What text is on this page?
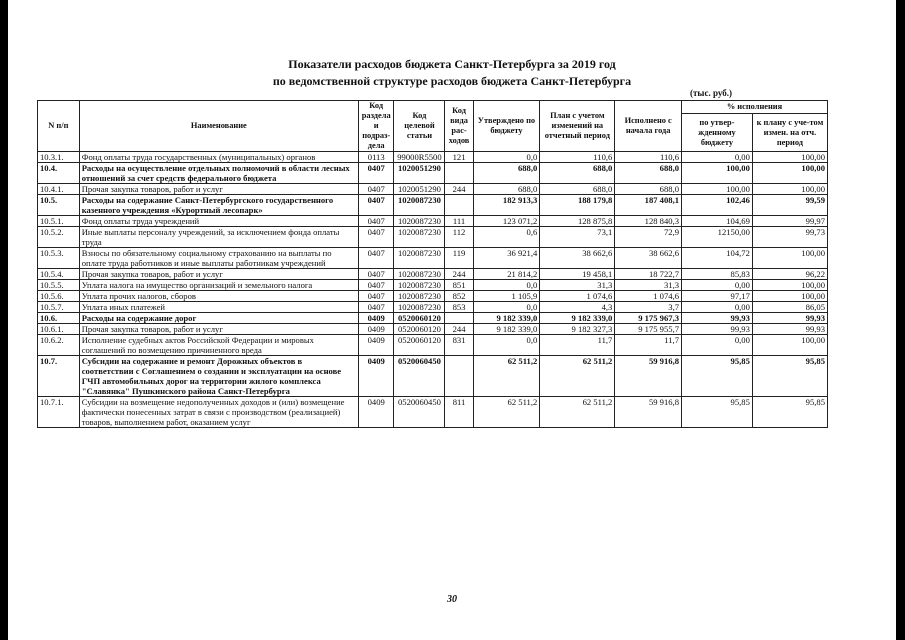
Показатели расходов бюджета Санкт-Петербурга за 2019 год
по ведомственной структуре расходов бюджета Санкт-Петербурга
(тыс. руб.)
N п/п	Наименование	Код раздела и подраз-дела	Код целевой статьи	Код вида рас-ходов	Утверждено по бюджету	План с учетом изменений на отчетный период	Исполнено с начала года	% исполнения	
								по утвер-жденному бюджету	к плану с уче-том измен. на отч. период
10.3.1.	Фонд оплаты труда государственных (муниципальных) органов	0113	99000R5500	121	0,0	110,6	110,6	0,00	100,00
10.4.	Расходы на осуществление отдельных полномочий в области лесных отношений за счет средств федерального бюджета	0407	1020051290		688,0	688,0	688,0	100,00	100,00
10.4.1.	Прочая закупка товаров, работ и услуг	0407	1020051290	244	688,0	688,0	688,0	100,00	100,00
10.5.	Расходы на содержание Санкт-Петербургского государственного казенного учреждения «Курортный лесопарк»	0407	1020087230		182 913,3	188 179,8	187 408,1	102,46	99,59
10.5.1.	Фонд оплаты труда учреждений	0407	1020087230	111	123 071,2	128 875,8	128 840,3	104,69	99,97
10.5.2.	Иные выплаты персоналу учреждений, за исключением фонда оплаты труда	0407	1020087230	112	0,6	73,1	72,9	12150,00	99,73
10.5.3.	Взносы по обязательному социальному страхованию на выплаты по оплате труда работников и иные выплаты работникам учреждений	0407	1020087230	119	36 921,4	38 662,6	38 662,6	104,72	100,00
10.5.4.	Прочая закупка товаров, работ и услуг	0407	1020087230	244	21 814,2	19 458,1	18 722,7	85,83	96,22
10.5.5.	Уплата налога на имущество организаций и земельного налога	0407	1020087230	851	0,0	31,3	31,3	0,00	100,00
10.5.6.	Уплата прочих налогов, сборов	0407	1020087230	852	1 105,9	1 074,6	1 074,6	97,17	100,00
10.5.7.	Уплата иных платежей	0407	1020087230	853	0,0	4,3	3,7	0,00	86,05
10.6.	Расходы на содержание дорог	0409	0520060120		9 182 339,0	9 182 339,0	9 175 967,3	99,93	99,93
10.6.1.	Прочая закупка товаров, работ и услуг	0409	0520060120	244	9 182 339,0	9 182 327,3	9 175 955,7	99,93	99,93
10.6.2.	Исполнение судебных актов Российской Федерации и мировых соглашений по возмещению причиненного вреда	0409	0520060120	831	0,0	11,7	11,7	0,00	100,00
10.7.	Субсидии на содержание и ремонт Дорожных объектов в соответствии с Соглашением о создании и эксплуатации на основе ГЧП автомобильных дорог на территории жилого комплекса "Славянка" Пушкинского района Санкт-Петербурга	0409	0520060450		62 511,2	62 511,2	59 916,8	95,85	95,85
10.7.1.	Субсидии на возмещение недополученных доходов и (или) возмещение фактически понесенных затрат в связи с производством (реализацией) товаров, выполнением работ, оказанием услуг	0409	0520060450	811	62 511,2	62 511,2	59 916,8	95,85	95,85
30
